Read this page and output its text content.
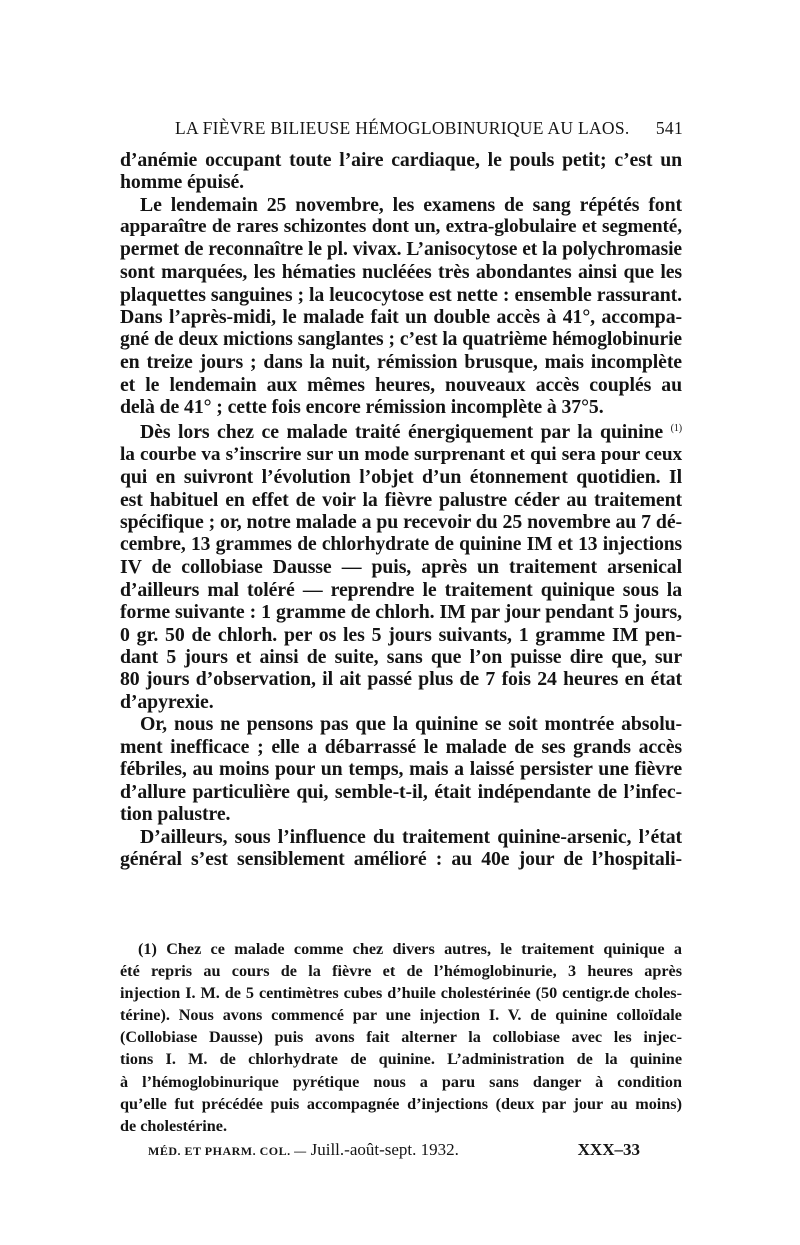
LA FIÈVRE BILIEUSE HÉMOGLOBINURIQUE AU LAOS. 541
d’anémie occupant toute l’aire cardiaque, le pouls petit; c’est un
homme épuisé.
Le lendemain 25 novembre, les examens de sang répétés font
apparaître de rares schizontes dont un, extra-globulaire et segmenté,
permet de reconnaître le pl. vivax. L’anisocytose et la polychromasie
sont marquées, les hématies nucléées très abondantes ainsi que les
plaquettes sanguines ; la leucocytose est nette : ensemble rassurant.
Dans l’après-midi, le malade fait un double accès à 41°, accompa-
gné de deux mictions sanglantes ; c’est la quatrième hémoglobinurie
en treize jours ; dans la nuit, rémission brusque, mais incomplète
et le lendemain aux mêmes heures, nouveaux accès couplés au
delà de 41° ; cette fois encore rémission incomplète à 37°5.
Dès lors chez ce malade traité énergiquement par la quinine $^{(1)}$
la courbe va s’inscrire sur un mode surprenant et qui sera pour ceux
qui en suivront l’évolution l’objet d’un étonnement quotidien. Il
est habituel en effet de voir la fièvre palustre céder au traitement
spécifique ; or, notre malade a pu recevoir du 25 novembre au 7 dé-
cembre, 13 grammes de chlorhydrate de quinine IM et 13 injections
IV de collobiase Dausse — puis, après un traitement arsenical
d’ailleurs mal toléré — reprendre le traitement quinique sous la
forme suivante : 1 gramme de chlorh. IM par jour pendant 5 jours,
0 gr. 50 de chlorh. per os les 5 jours suivants, 1 gramme IM pen-
dant 5 jours et ainsi de suite, sans que l’on puisse dire que, sur
80 jours d’observation, il ait passé plus de 7 fois 24 heures en état
d’apyrexie.
Or, nous ne pensons pas que la quinine se soit montrée absolu-
ment inefficace ; elle a débarrassé le malade de ses grands accès
fébriles, au moins pour un temps, mais a laissé persister une fièvre
d’allure particulière qui, semble-t-il, était indépendante de l’infec-
tion palustre.
D’ailleurs, sous l’influence du traitement quinine-arsenic, l’état
général s’est sensiblement amélioré : au 40e jour de l’hospitali-
(1) Chez ce malade comme chez divers autres, le traitement quinique a
été repris au cours de la fièvre et de l’hémoglobinurie, 3 heures après
injection I. M. de 5 centimètres cubes d’huile cholestérinée (50 centigr.de choles-
térine). Nous avons commencé par une injection I. V. de quinine colloïdale
(Collobiase Dausse) puis avons fait alterner la collobiase avec les injec-
tions I. M. de chlorhydrate de quinine. L’administration de la quinine
à l’hémoglobinurique pyrétique nous a paru sans danger à condition
qu’elle fut précédée puis accompagnée d’injections (deux par jour au moins)
de cholestérine.
MÉD. ET PHARM. COL. — Juill.-août-sept. 1932.	XXX–33
